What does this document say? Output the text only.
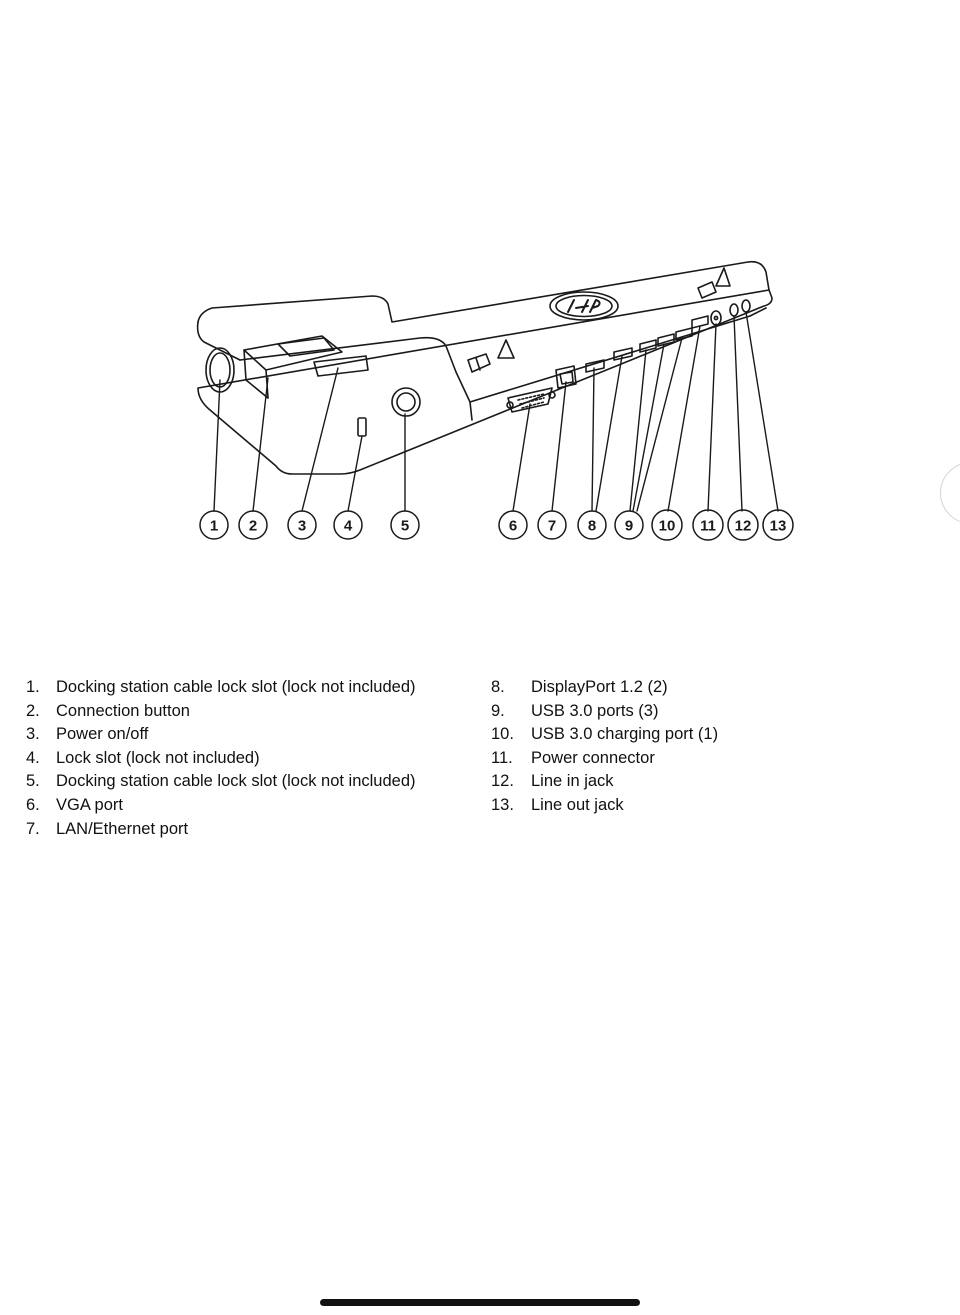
1 2	3	4	5	6 7 8 9 10 11 12 13
1. Docking station cable lock slot (lock not included)
2. Connection button
3. Power on/off
4. Lock slot (lock not included)
5. Docking station cable lock slot (lock not included)
6. VGA port
7. LAN/Ethernet port
8.	DisplayPort 1.2 (2)
9.	USB 3.0 ports (3)
10.	USB 3.0 charging port (1)
11.	Power connector
12.	Line in jack
13.	Line out jack
